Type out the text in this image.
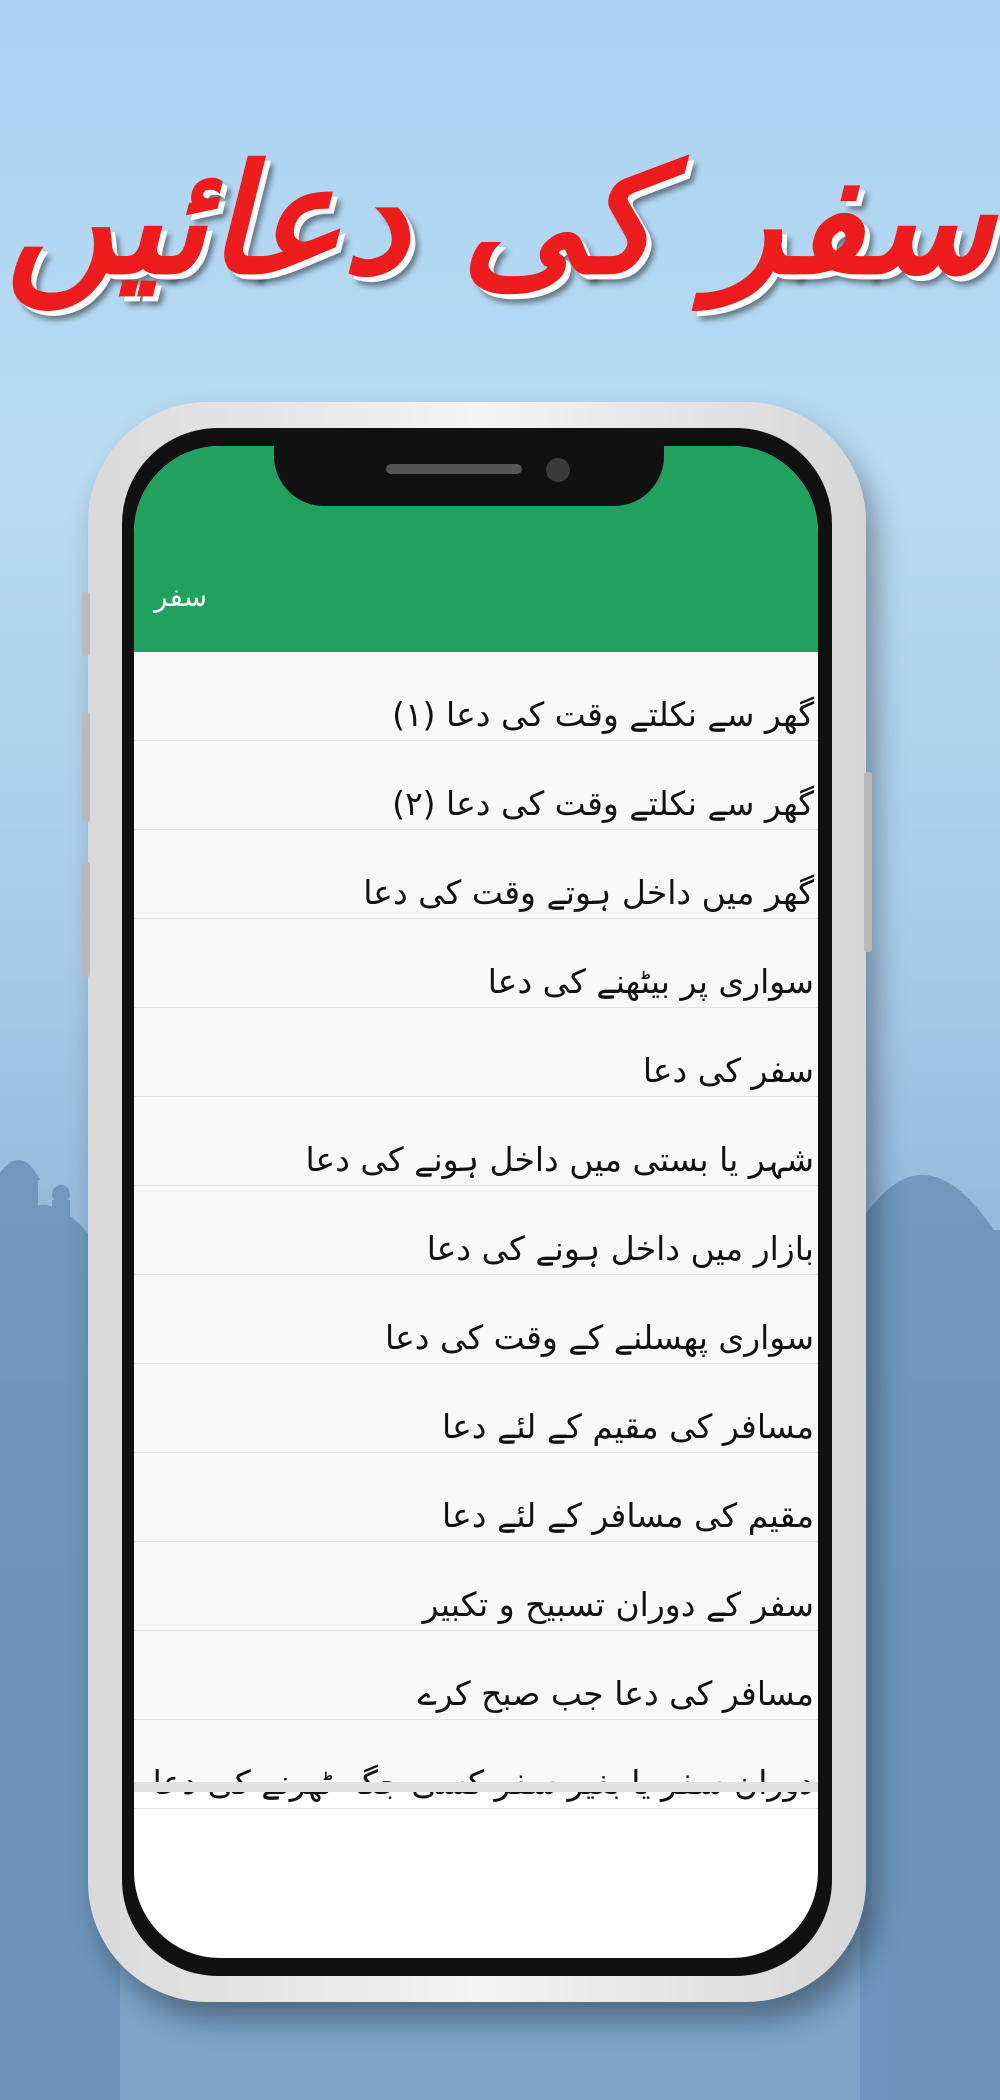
سفر کی دعائیں
سفر
گھر سے نکلتے وقت کی دعا (۱)
گھر سے نکلتے وقت کی دعا (۲)
گھر میں داخل ہوتے وقت کی دعا
سواری پر بیٹھنے کی دعا
سفر کی دعا
شہر یا بستی میں داخل ہونے کی دعا
بازار میں داخل ہونے کی دعا
سواری پھسلنے کے وقت کی دعا
مسافر کی مقیم کے لئے دعا
مقیم کی مسافر کے لئے دعا
سفر کے دوران تسبیح و تکبیر
مسافر کی دعا جب صبح کرے
